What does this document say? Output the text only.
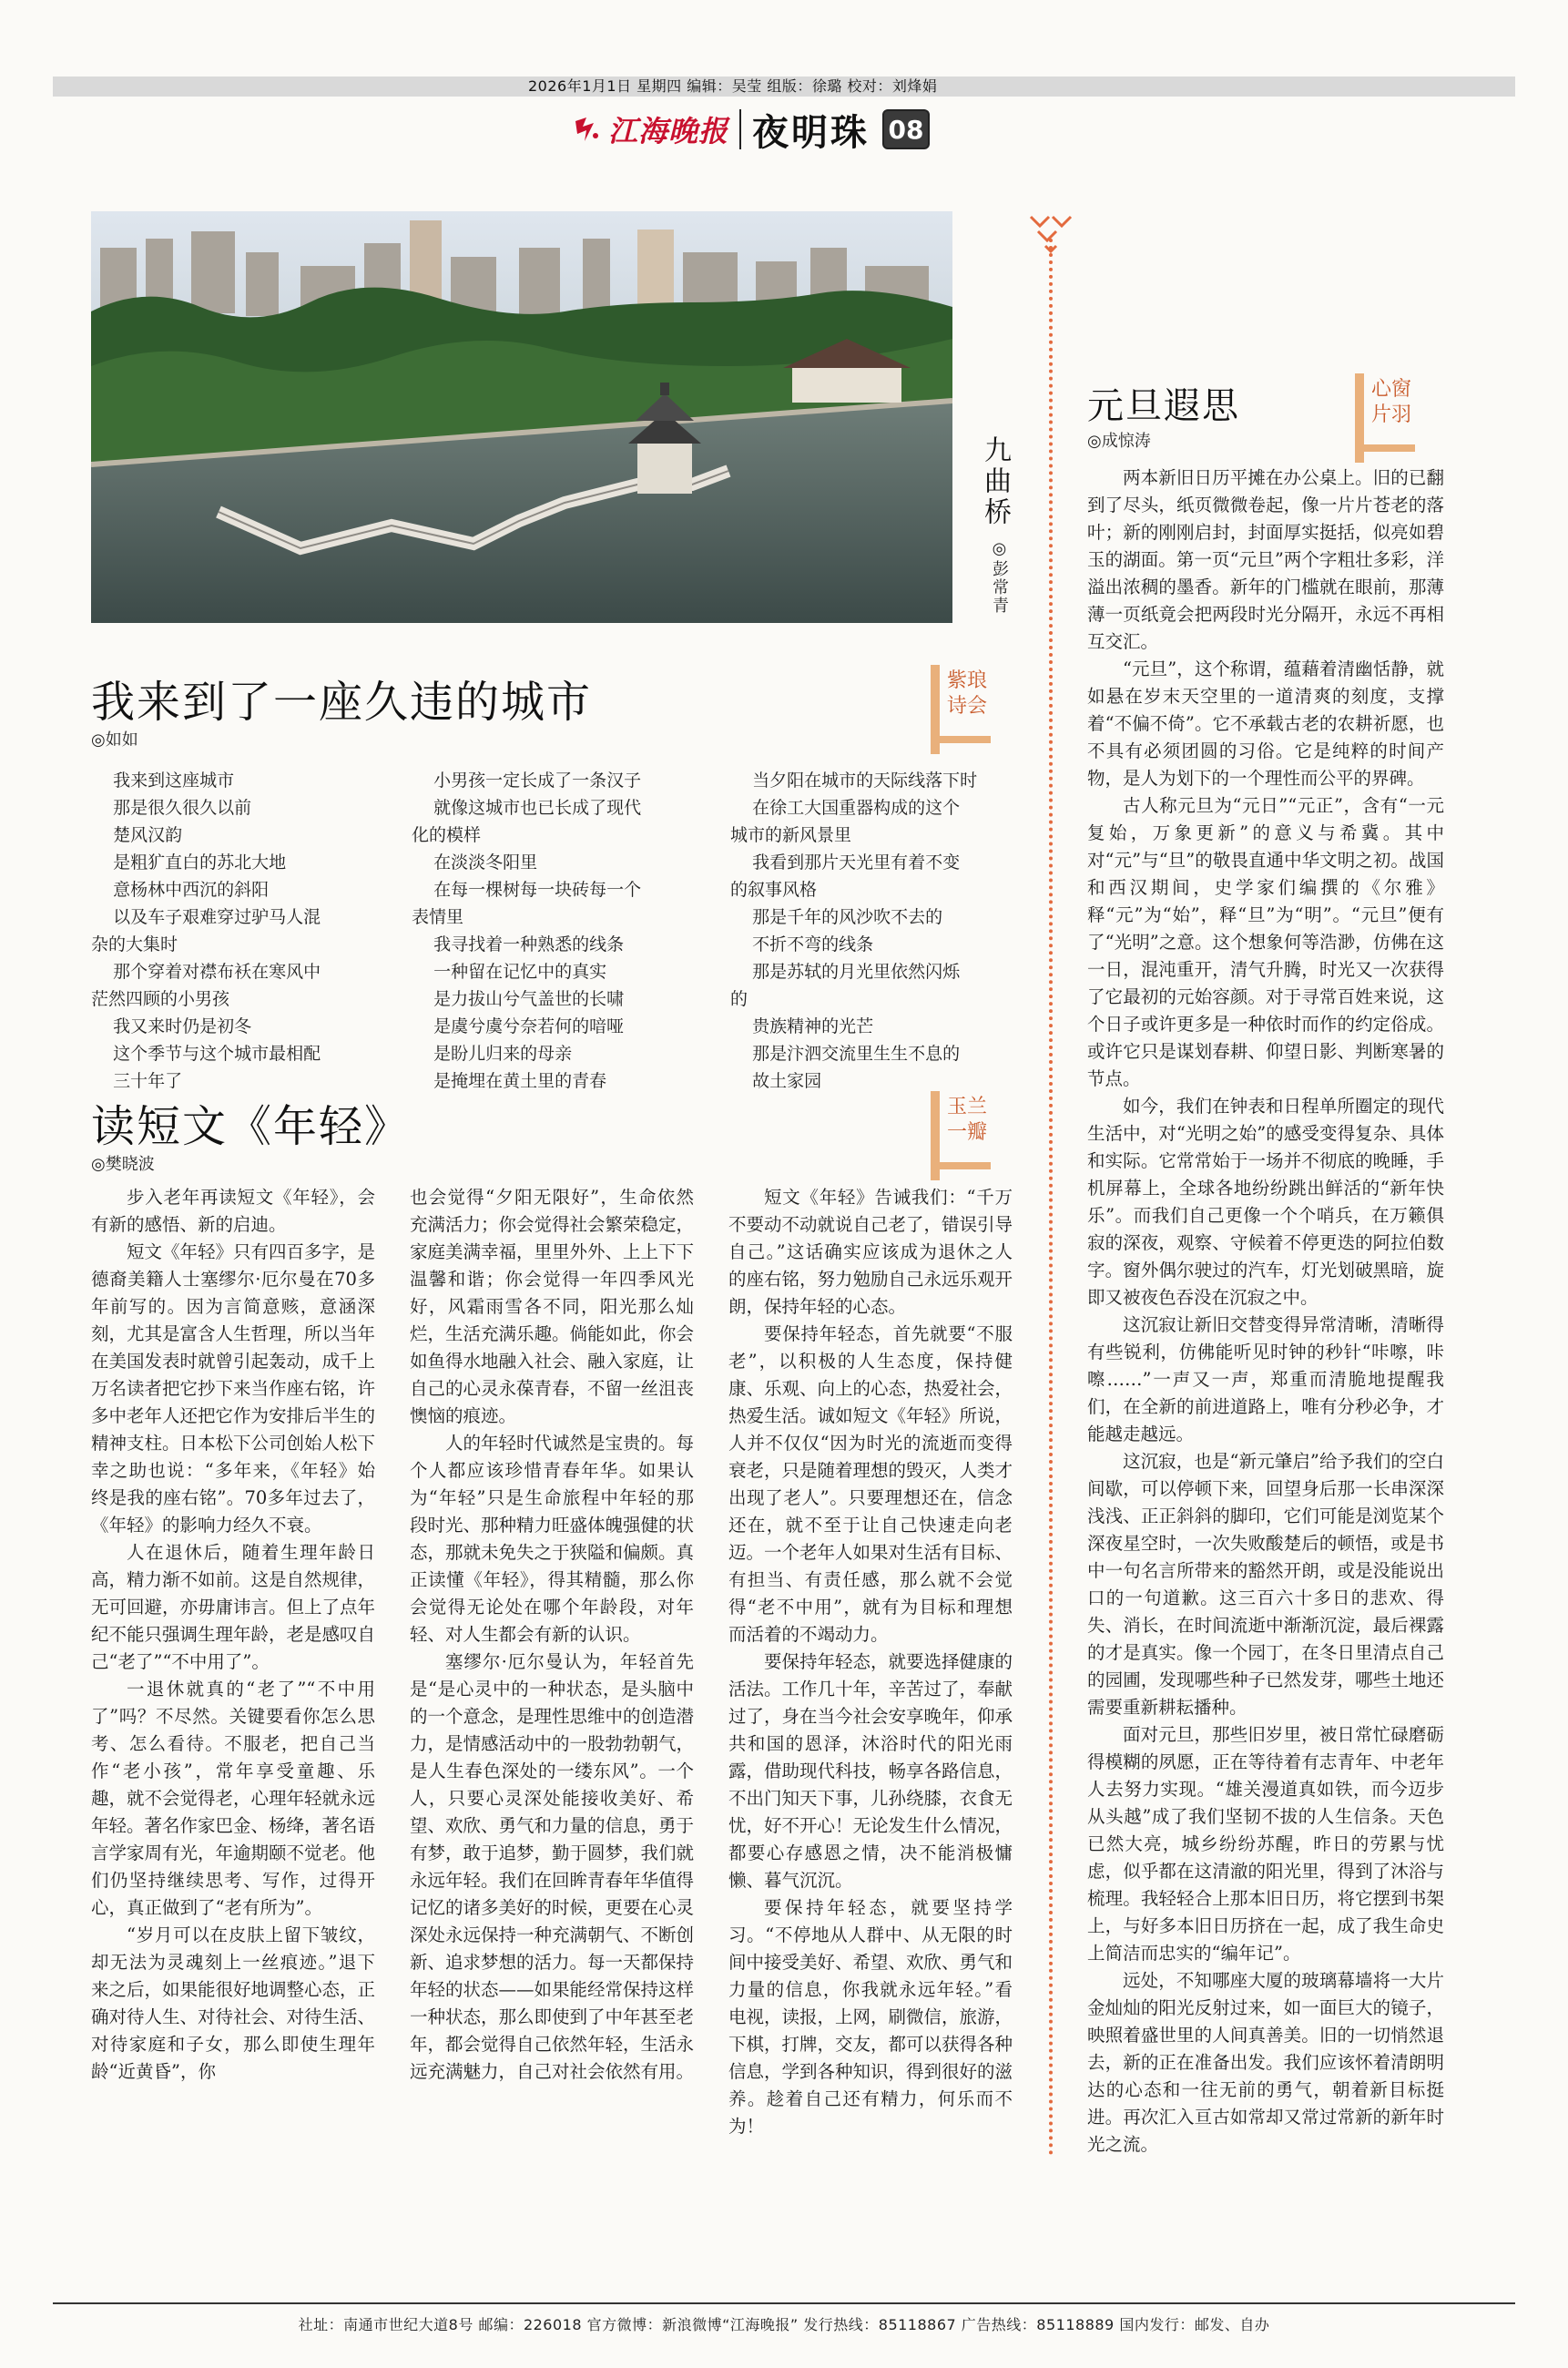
2026年1月1日 星期四 编辑：吴莹 组版：徐璐 校对：刘烽娟
江海晚报 夜明珠 08
九曲桥
◎彭常青
我来到了一座久违的城市
◎如如
紫琅诗会
我来到这座城市
那是很久很久以前
楚风汉韵
是粗犷直白的苏北大地
意杨林中西沉的斜阳
以及车子艰难穿过驴马人混
杂的大集时
那个穿着对襟布袄在寒风中
茫然四顾的小男孩
我又来时仍是初冬
这个季节与这个城市最相配
三十年了
小男孩一定长成了一条汉子
就像这城市也已长成了现代
化的模样
在淡淡冬阳里
在每一棵树每一块砖每一个
表情里
我寻找着一种熟悉的线条
一种留在记忆中的真实
是力拔山兮气盖世的长啸
是虞兮虞兮奈若何的喑哑
是盼儿归来的母亲
是掩埋在黄土里的青春
当夕阳在城市的天际线落下时
在徐工大国重器构成的这个
城市的新风景里
我看到那片天光里有着不变
的叙事风格
那是千年的风沙吹不去的
不折不弯的线条
那是苏轼的月光里依然闪烁
的
贵族精神的光芒
那是汴泗交流里生生不息的
故土家园
读短文《年轻》
◎樊晓波
玉兰一瓣

步入老年再读短文《年轻》，会有新的感悟、新的启迪。

短文《年轻》只有四百多字，是德裔美籍人士塞缪尔·厄尔曼在70多年前写的。因为言简意赅，意涵深刻，尤其是富含人生哲理，所以当年在美国发表时就曾引起轰动，成千上万名读者把它抄下来当作座右铭，许多中老年人还把它作为安排后半生的精神支柱。日本松下公司创始人松下幸之助也说：“多年来，《年轻》始终是我的座右铭”。70多年过去了，《年轻》的影响力经久不衰。

人在退休后，随着生理年龄日高，精力渐不如前。这是自然规律，无可回避，亦毋庸讳言。但上了点年纪不能只强调生理年龄，老是感叹自己“老了”“不中用了”。

一退休就真的“老了”“不中用了”吗？不尽然。关键要看你怎么思考、怎么看待。不服老，把自己当作“老小孩”，常年享受童趣、乐趣，就不会觉得老，心理年轻就永远年轻。著名作家巴金、杨绛，著名语言学家周有光，年逾期颐不觉老。他们仍坚持继续思考、写作，过得开心，真正做到了“老有所为”。

“岁月可以在皮肤上留下皱纹，却无法为灵魂刻上一丝痕迹。”退下来之后，如果能很好地调整心态，正确对待人生、对待社会、对待生活、对待家庭和子女，那么即使生理年龄“近黄昏”，你

也会觉得“夕阳无限好”，生命依然充满活力；你会觉得社会繁荣稳定，家庭美满幸福，里里外外、上上下下温馨和谐；你会觉得一年四季风光好，风霜雨雪各不同，阳光那么灿烂，生活充满乐趣。倘能如此，你会如鱼得水地融入社会、融入家庭，让自己的心灵永葆青春，不留一丝沮丧懊恼的痕迹。

人的年轻时代诚然是宝贵的。每个人都应该珍惜青春年华。如果认为“年轻”只是生命旅程中年轻的那段时光、那种精力旺盛体魄强健的状态，那就未免失之于狭隘和偏颇。真正读懂《年轻》，得其精髓，那么你会觉得无论处在哪个年龄段，对年轻、对人生都会有新的认识。

塞缪尔·厄尔曼认为，年轻首先是“是心灵中的一种状态，是头脑中的一个意念，是理性思维中的创造潜力，是情感活动中的一股勃勃朝气，是人生春色深处的一缕东风”。一个人，只要心灵深处能接收美好、希望、欢欣、勇气和力量的信息，勇于有梦，敢于追梦，勤于圆梦，我们就永远年轻。我们在回眸青春年华值得记忆的诸多美好的时候，更要在心灵深处永远保持一种充满朝气、不断创新、追求梦想的活力。每一天都保持年轻的状态——如果能经常保持这样一种状态，那么即使到了中年甚至老年，都会觉得自己依然年轻，生活永远充满魅力，自己对社会依然有用。

短文《年轻》告诫我们：“千万不要动不动就说自己老了，错误引导自己。”这话确实应该成为退休之人的座右铭，努力勉励自己永远乐观开朗，保持年轻的心态。

要保持年轻态，首先就要“不服老”，以积极的人生态度，保持健康、乐观、向上的心态，热爱社会，热爱生活。诚如短文《年轻》所说，人并不仅仅“因为时光的流逝而变得衰老，只是随着理想的毁灭，人类才出现了老人”。只要理想还在，信念还在，就不至于让自己快速走向老迈。一个老年人如果对生活有目标、有担当、有责任感，那么就不会觉得“老不中用”，就有为目标和理想而活着的不竭动力。

要保持年轻态，就要选择健康的活法。工作几十年，辛苦过了，奉献过了，身在当今社会安享晚年，仰承共和国的恩泽，沐浴时代的阳光雨露，借助现代科技，畅享各路信息，不出门知天下事，儿孙绕膝，衣食无忧，好不开心！无论发生什么情况，都要心存感恩之情，决不能消极慵懒、暮气沉沉。

要保持年轻态，就要坚持学习。“不停地从人群中、从无限的时间中接受美好、希望、欢欣、勇气和力量的信息，你我就永远年轻。”看电视，读报，上网，刷微信，旅游，下棋，打牌，交友，都可以获得各种信息，学到各种知识，得到很好的滋养。趁着自己还有精力，何乐而不为！

元旦遐思
◎成惊涛
心窗片羽

两本新旧日历平摊在办公桌上。旧的已翻到了尽头，纸页微微卷起，像一片片苍老的落叶；新的刚刚启封，封面厚实挺括，似亮如碧玉的湖面。第一页“元旦”两个字粗壮多彩，洋溢出浓稠的墨香。新年的门槛就在眼前，那薄薄一页纸竟会把两段时光分隔开，永远不再相互交汇。

“元旦”，这个称谓，蕴藉着清幽恬静，就如悬在岁末天空里的一道清爽的刻度，支撑着“不偏不倚”。它不承载古老的农耕祈愿，也不具有必须团圆的习俗。它是纯粹的时间产物，是人为划下的一个理性而公平的界碑。

古人称元旦为“元日”“元正”，含有“一元复始，万象更新”的意义与希冀。其中对“元”与“旦”的敬畏直通中华文明之初。战国和西汉期间，史学家们编撰的《尔雅》释“元”为“始”，释“旦”为“明”。“元旦”便有了“光明”之意。这个想象何等浩渺，仿佛在这一日，混沌重开，清气升腾，时光又一次获得了它最初的元始容颜。对于寻常百姓来说，这个日子或许更多是一种依时而作的约定俗成。或许它只是谋划春耕、仰望日影、判断寒暑的节点。

如今，我们在钟表和日程单所圈定的现代生活中，对“光明之始”的感受变得复杂、具体和实际。它常常始于一场并不彻底的晚睡，手机屏幕上，全球各地纷纷跳出鲜活的“新年快乐”。而我们自己更像一个个哨兵，在万籁俱寂的深夜，观察、守候着不停更迭的阿拉伯数字。窗外偶尔驶过的汽车，灯光划破黑暗，旋即又被夜色吞没在沉寂之中。

这沉寂让新旧交替变得异常清晰，清晰得有些锐利，仿佛能听见时钟的秒针“咔嚓，咔嚓……”一声又一声，郑重而清脆地提醒我们，在全新的前进道路上，唯有分秒必争，才能越走越远。

这沉寂，也是“新元肇启”给予我们的空白间歇，可以停顿下来，回望身后那一长串深深浅浅、正正斜斜的脚印，它们可能是浏览某个深夜星空时，一次失败酸楚后的顿悟，或是书中一句名言所带来的豁然开朗，或是没能说出口的一句道歉。这三百六十多日的悲欢、得失、消长，在时间流逝中渐渐沉淀，最后裸露的才是真实。像一个园丁，在冬日里清点自己的园圃，发现哪些种子已然发芽，哪些土地还需要重新耕耘播种。

面对元旦，那些旧岁里，被日常忙碌磨砺得模糊的夙愿，正在等待着有志青年、中老年人去努力实现。“雄关漫道真如铁，而今迈步从头越”成了我们坚韧不拔的人生信条。天色已然大亮，城乡纷纷苏醒，昨日的劳累与忧虑，似乎都在这清澈的阳光里，得到了沐浴与梳理。我轻轻合上那本旧日历，将它摆到书架上，与好多本旧日历挤在一起，成了我生命史上简洁而忠实的“编年记”。

远处，不知哪座大厦的玻璃幕墙将一大片金灿灿的阳光反射过来，如一面巨大的镜子，映照着盛世里的人间真善美。旧的一切悄然退去，新的正在准备出发。我们应该怀着清朗明达的心态和一往无前的勇气，朝着新目标挺进。再次汇入亘古如常却又常过常新的新年时光之流。

社址：南通市世纪大道8号 邮编：226018 官方微博：新浪微博“江海晚报” 发行热线：85118867 广告热线：85118889 国内发行：邮发、自办
